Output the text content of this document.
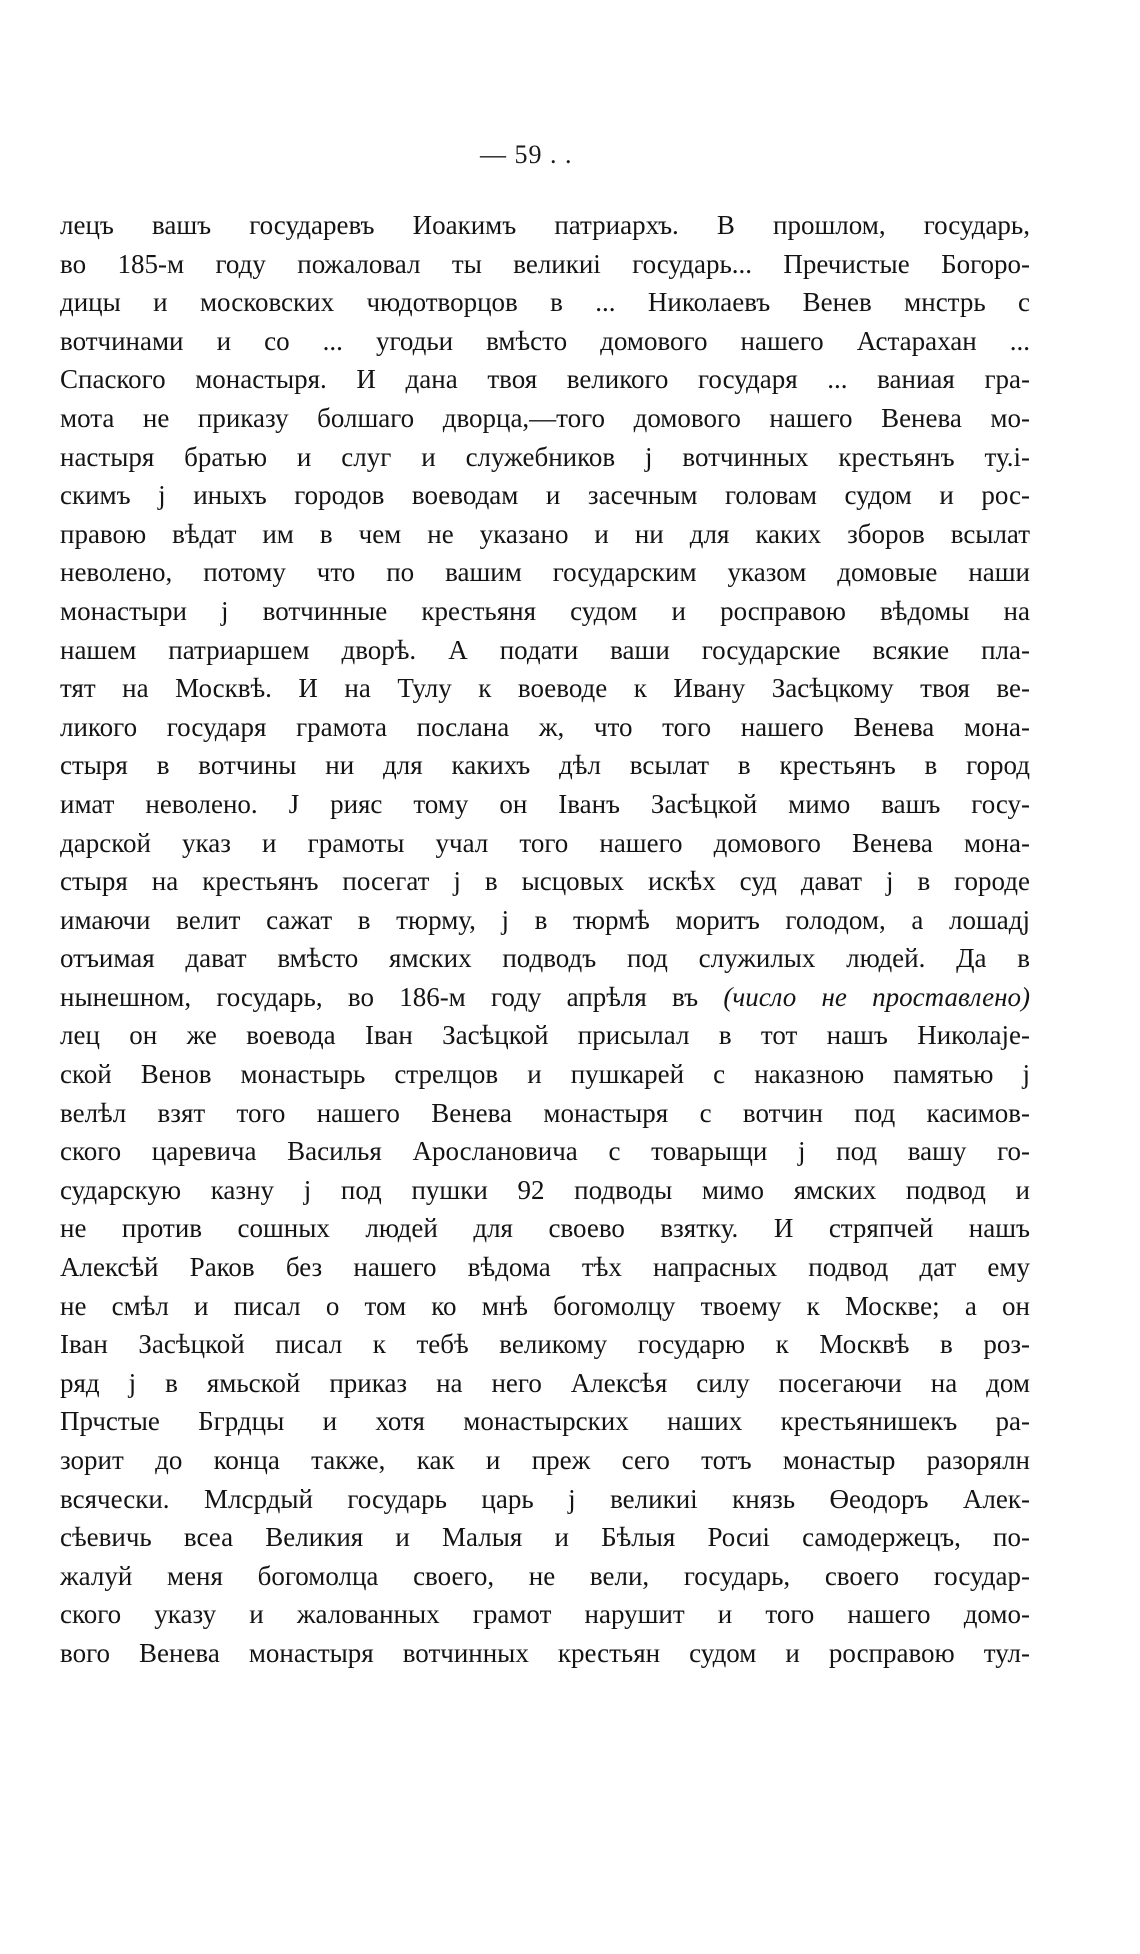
— 59 . .
лецъ вашъ государевъ Иоакимъ патриархъ. В прошлом, государь,
во 185-м году пожаловал ты великиі государь... Пречистые Богоро-
дицы и московских чюдотворцов в ... Николаевъ Венев мнстрь с
вотчинами и со ... угодьи вмѣсто домового нашего Астарахан ...
Спаского монастыря. И дана твоя великого государя ... ваниая гра-
мота не приказу болшаго дворца,—того домового нашего Венева мо-
настыря братью и слуг и служебников ј вотчинных крестьянъ ту.і-
скимъ ј иныхъ городов воеводам и засечным головам судом и рос-
правою вѣдат им в чем не указано и ни для каких зборов всылат
неволено, потому что по вашим государским указом домовые наши
монастыри ј вотчинные крестьяня судом и росправою вѣдомы на
нашем патриаршем дворѣ. А подати ваши государские всякие пла-
тят на Москвѣ. И на Тулу к воеводе к Ивану Засѣцкому твоя ве-
ликого государя грамота послана ж, что того нашего Венева мона-
стыря в вотчины ни для какихъ дѣл всылат в крестьянъ в город
имат неволено. Ј рияс тому он Іванъ Засѣцкой мимо вашъ госу-
дарской указ и грамоты учал того нашего домового Венева мона-
стыря на крестьянъ посегат ј в ысцовых искѣх суд дават ј в городе
имаючи велит сажат в тюрму, ј в тюрмѣ моритъ голодом, а лошадј
отъимая дават вмѣсто ямских подводъ под служилых людей. Да в
нынешном, государь, во 186-м году апрѣля въ (число не проставлено)
лец он же воевода Іван Засѣцкой присылал в тот нашъ Николаје-
ской Венов монастырь стрелцов и пушкарей с наказною памятью ј
велѣл взят того нашего Венева монастыря с вотчин под касимов-
ского царевича Василья Арослановича с товарыщи ј под вашу го-
сударскую казну ј под пушки 92 подводы мимо ямских подвод и
не против сошных людей для своево взятку. И стряпчей нашъ
Алексѣй Раков без нашего вѣдома тѣх напрасных подвод дат ему
не смѣл и писал о том ко мнѣ богомолцу твоему к Москве; а он
Іван Засѣцкой писал к тебѣ великому государю к Москвѣ в роз-
ряд ј в ямьской приказ на него Алексѣя силу посегаючи на дом
Прчстые Бгрдцы и хотя монастырских наших крестьянишекъ ра-
зорит до конца также, как и преж сего тотъ монастыр разорялн
всячески. Млсрдый государь царь ј великиі князь Өеодоръ Алек-
сѣевичь всеа Великия и Малыя и Бѣлыя Росиі самодержецъ, по-
жалуй меня богомолца своего, не вели, государь, своего государ-
ского указу и жалованных грамот нарушит и того нашего домо-
вого Венева монастыря вотчинных крестьян судом и росправою тул-
